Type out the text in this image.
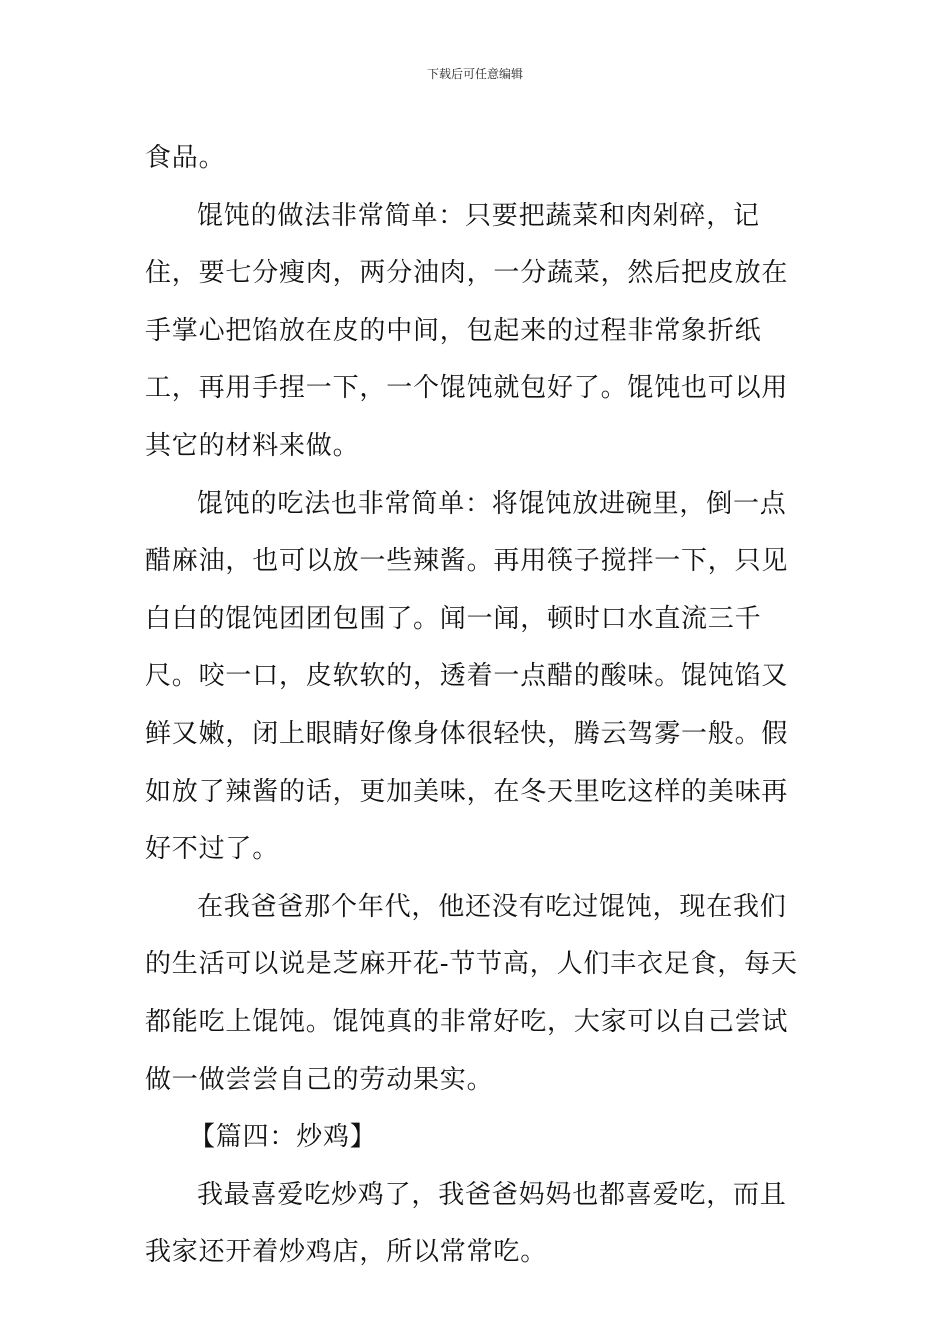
下载后可任意编辑

食品。

馄饨的做法非常简单：只要把蔬菜和肉剁碎，记住，要七分瘦肉，两分油肉，一分蔬菜，然后把皮放在手掌心把馅放在皮的中间，包起来的过程非常象折纸工，再用手捏一下，一个馄饨就包好了。馄饨也可以用其它的材料来做。

馄饨的吃法也非常简单：将馄饨放进碗里，倒一点醋麻油，也可以放一些辣酱。再用筷子搅拌一下，只见白白的馄饨团团包围了。闻一闻，顿时口水直流三千尺。咬一口，皮软软的，透着一点醋的酸味。馄饨馅又鲜又嫩，闭上眼睛好像身体很轻快，腾云驾雾一般。假如放了辣酱的话，更加美味，在冬天里吃这样的美味再好不过了。

在我爸爸那个年代，他还没有吃过馄饨，现在我们的生活可以说是芝麻开花-节节高，人们丰衣足食，每天都能吃上馄饨。馄饨真的非常好吃，大家可以自己尝试做一做尝尝自己的劳动果实。

【篇四：炒鸡】

我最喜爱吃炒鸡了，我爸爸妈妈也都喜爱吃，而且我家还开着炒鸡店，所以常常吃。
